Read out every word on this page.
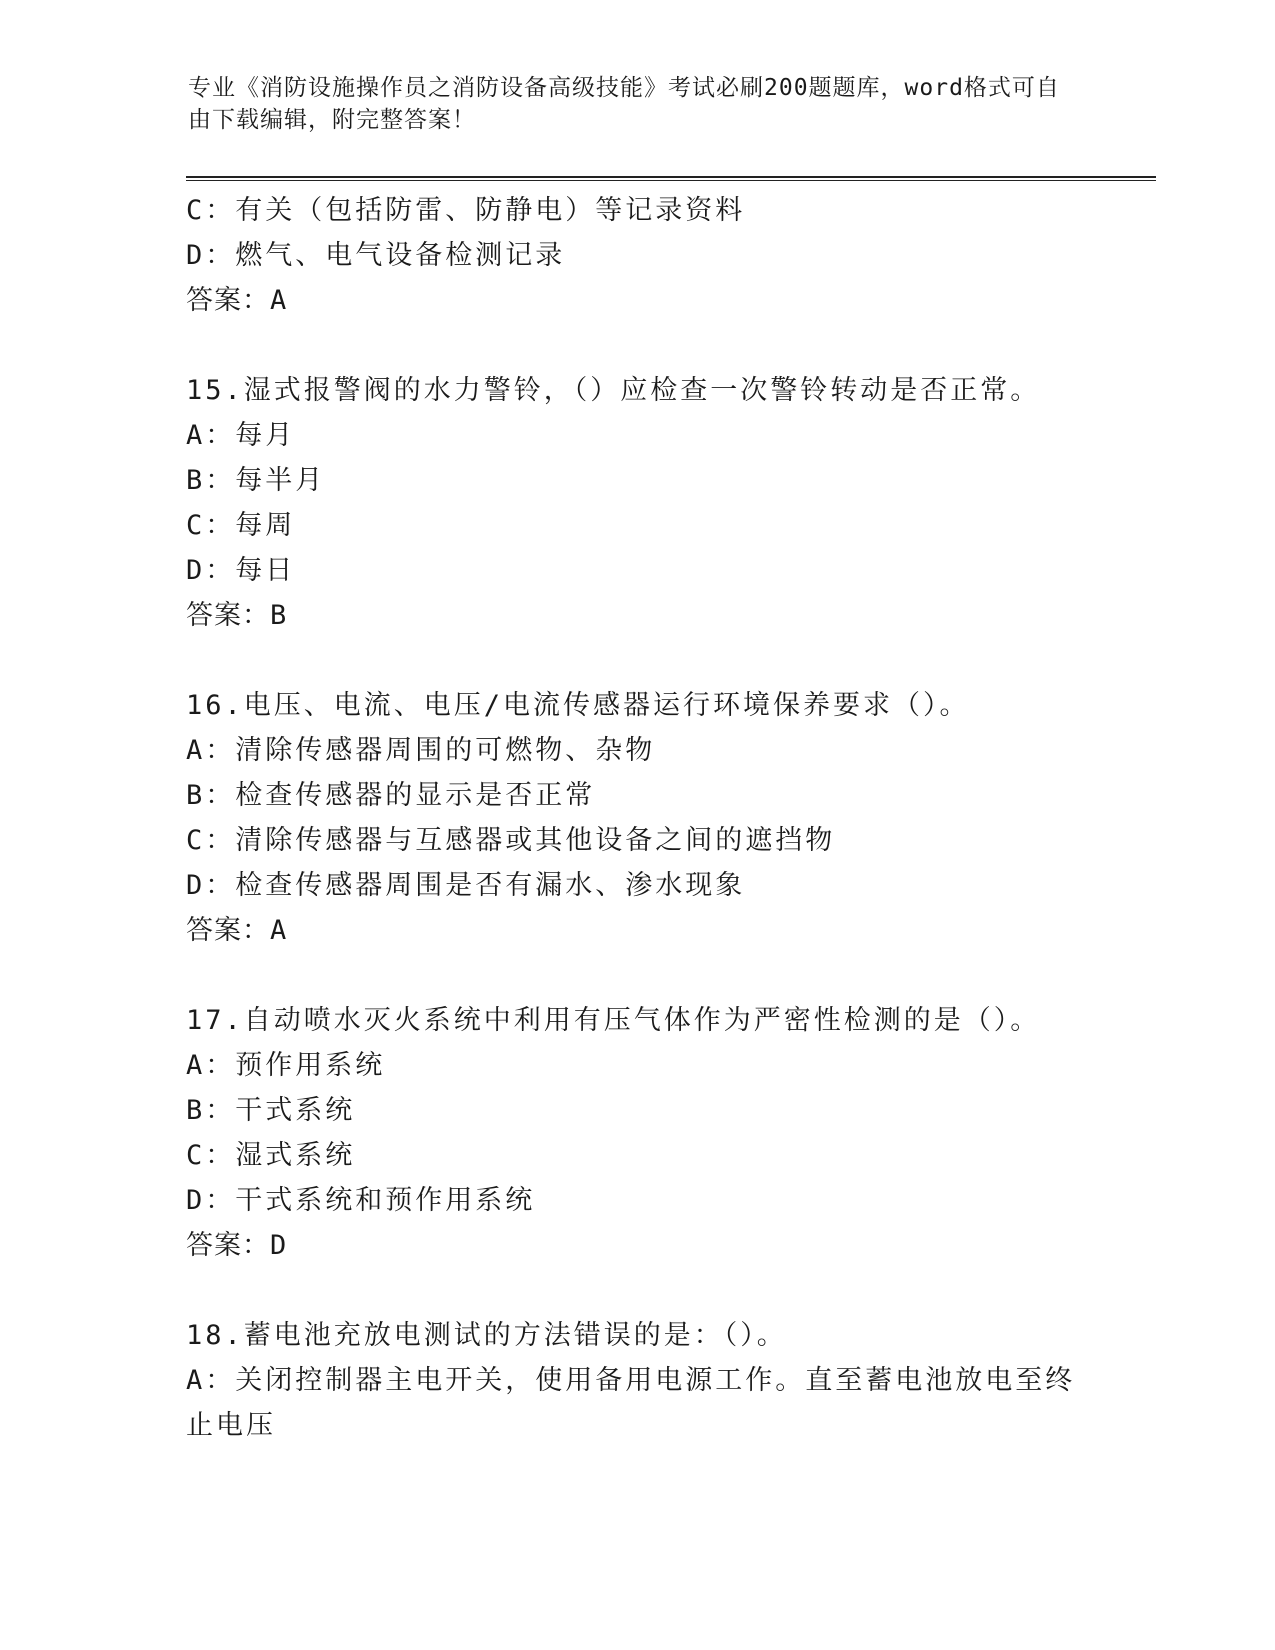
专业《消防设施操作员之消防设备高级技能》考试必刷200题题库，word格式可自由下载编辑，附完整答案！
C：有关（包括防雷、防静电）等记录资料
D：燃气、电气设备检测记录
答案：A
15.湿式报警阀的水力警铃，（）应检查一次警铃转动是否正常。
A：每月
B：每半月
C：每周
D：每日
答案：B
16.电压、电流、电压/电流传感器运行环境保养要求（）。
A：清除传感器周围的可燃物、杂物
B：检查传感器的显示是否正常
C：清除传感器与互感器或其他设备之间的遮挡物
D：检查传感器周围是否有漏水、渗水现象
答案：A
17.自动喷水灭火系统中利用有压气体作为严密性检测的是（）。
A：预作用系统
B：干式系统
C：湿式系统
D：干式系统和预作用系统
答案：D
18.蓄电池充放电测试的方法错误的是：（）。
A：关闭控制器主电开关，使用备用电源工作。直至蓄电池放电至终止电压
